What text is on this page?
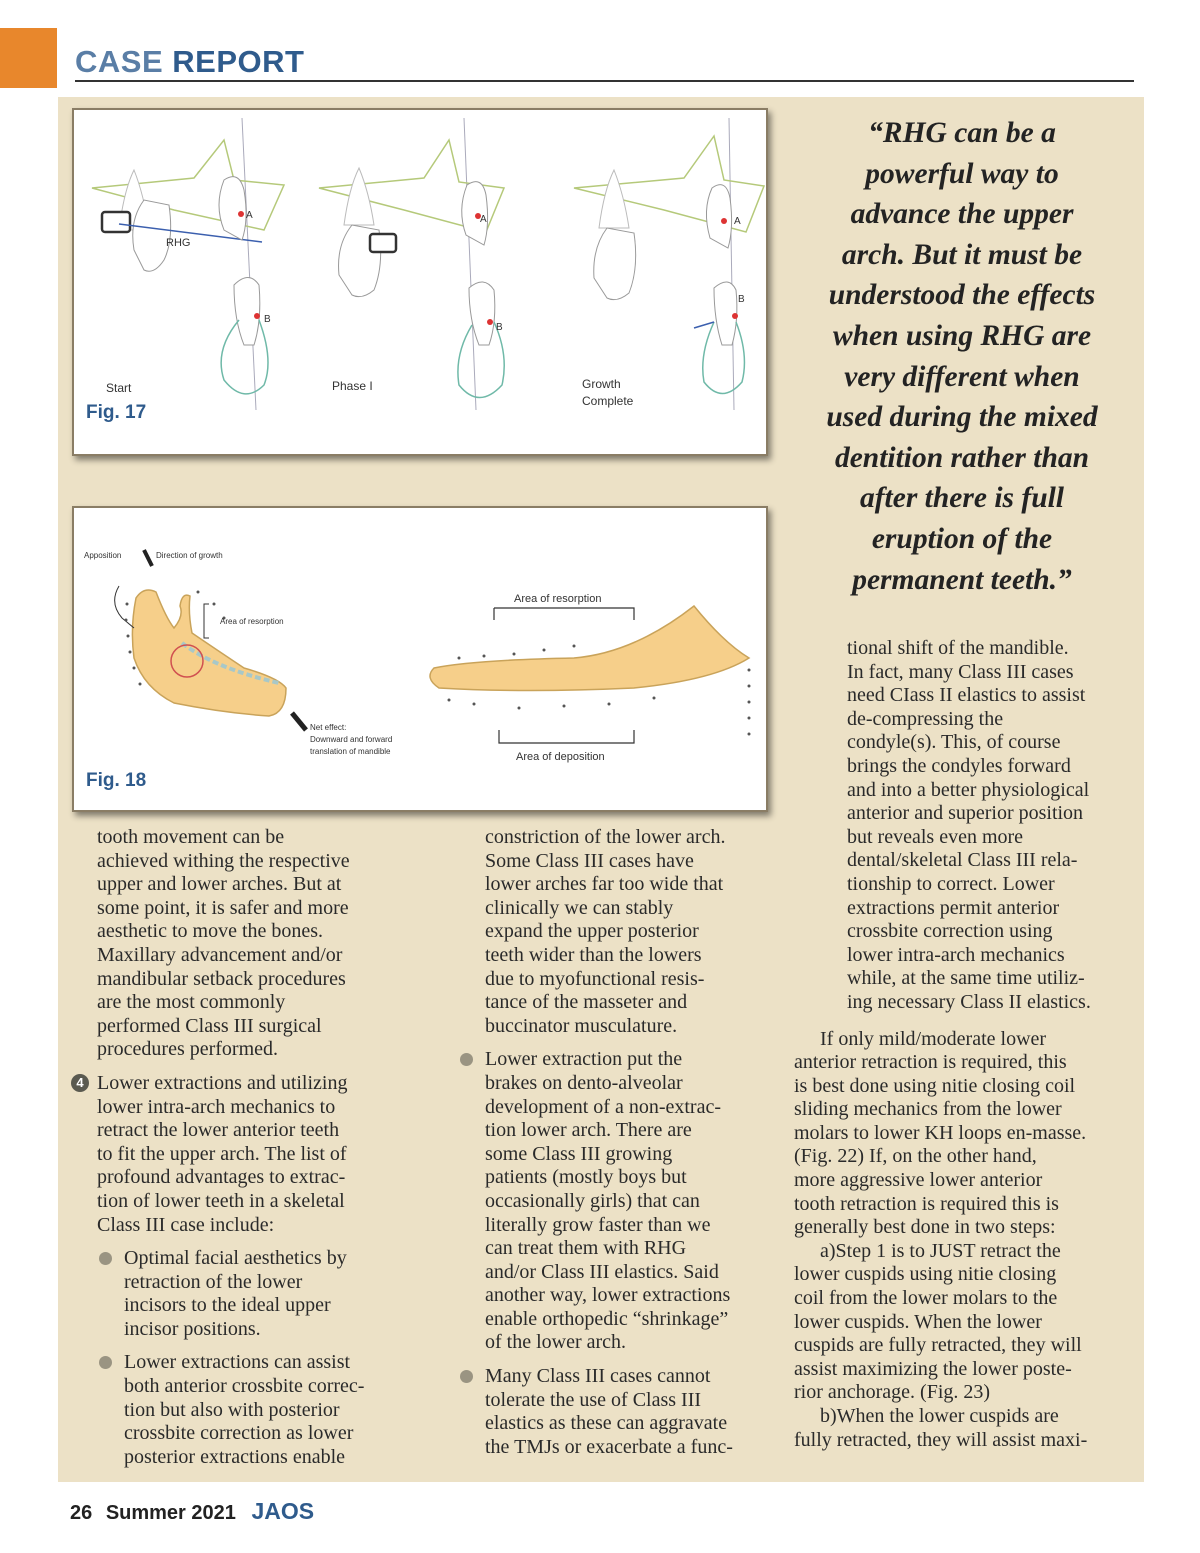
CASE REPORT
RHG
A
B
A
B
A
B
Start	Phase I	Growth
Complete
Fig. 17
Apposition	Direction of growth
Area of resorption
Net effect:
Downward and forward
translation of mandible
Area of resorption
Area of deposition
Fig. 18
“RHG can be a
powerful way to
advance the upper
arch. But it must be
understood the effects
when using RHG are
very different when
used during the mixed
dentition rather than
after there is full
eruption of the
permanent teeth.”

tooth movement can be
achieved withing the respective
upper and lower arches. But at
some point, it is safer and more
aesthetic to move the bones.
Maxillary advancement and/or
mandibular setback procedures
are the most commonly
performed Class III surgical
procedures performed.

4 Lower extractions and utilizing
lower intra-arch mechanics to
retract the lower anterior teeth
to fit the upper arch. The list of
profound advantages to extrac-
tion of lower teeth in a skeletal
Class III case include:

Optimal facial aesthetics by
retraction of the lower
incisors to the ideal upper
incisor positions.

Lower extractions can assist
both anterior crossbite correc-
tion but also with posterior
crossbite correction as lower
posterior extractions enable

constriction of the lower arch.
Some Class III cases have
lower arches far too wide that
clinically we can stably
expand the upper posterior
teeth wider than the lowers
due to myofunctional resis-
tance of the masseter and
buccinator musculature.

Lower extraction put the
brakes on dento-alveolar
development of a non-extrac-
tion lower arch. There are
some Class III growing
patients (mostly boys but
occasionally girls) that can
literally grow faster than we
can treat them with RHG
and/or Class III elastics. Said
another way, lower extractions
enable orthopedic “shrinkage”
of the lower arch.

Many Class III cases cannot
tolerate the use of Class III
elastics as these can aggravate
the TMJs or exacerbate a func-

tional shift of the mandible.
In fact, many Class III cases
need CIass II elastics to assist
de-compressing the
condyle(s). This, of course
brings the condyles forward
and into a better physiological
anterior and superior position
but reveals even more
dental/skeletal Class III rela-
tionship to correct. Lower
extractions permit anterior
crossbite correction using
lower intra-arch mechanics
while, at the same time utiliz-
ing necessary Class II elastics.

If only mild/moderate lower
anterior retraction is required, this
is best done using nitie closing coil
sliding mechanics from the lower
molars to lower KH loops en-masse.
(Fig. 22) If, on the other hand,
more aggressive lower anterior
tooth retraction is required this is
generally best done in two steps:

a)Step 1 is to JUST retract the
lower cuspids using nitie closing
coil from the lower molars to the
lower cuspids. When the lower
cuspids are fully retracted, they will
assist maximizing the lower poste-
rior anchorage. (Fig. 23)

b)When the lower cuspids are
fully retracted, they will assist maxi-

26 Summer 2021 JAOS
